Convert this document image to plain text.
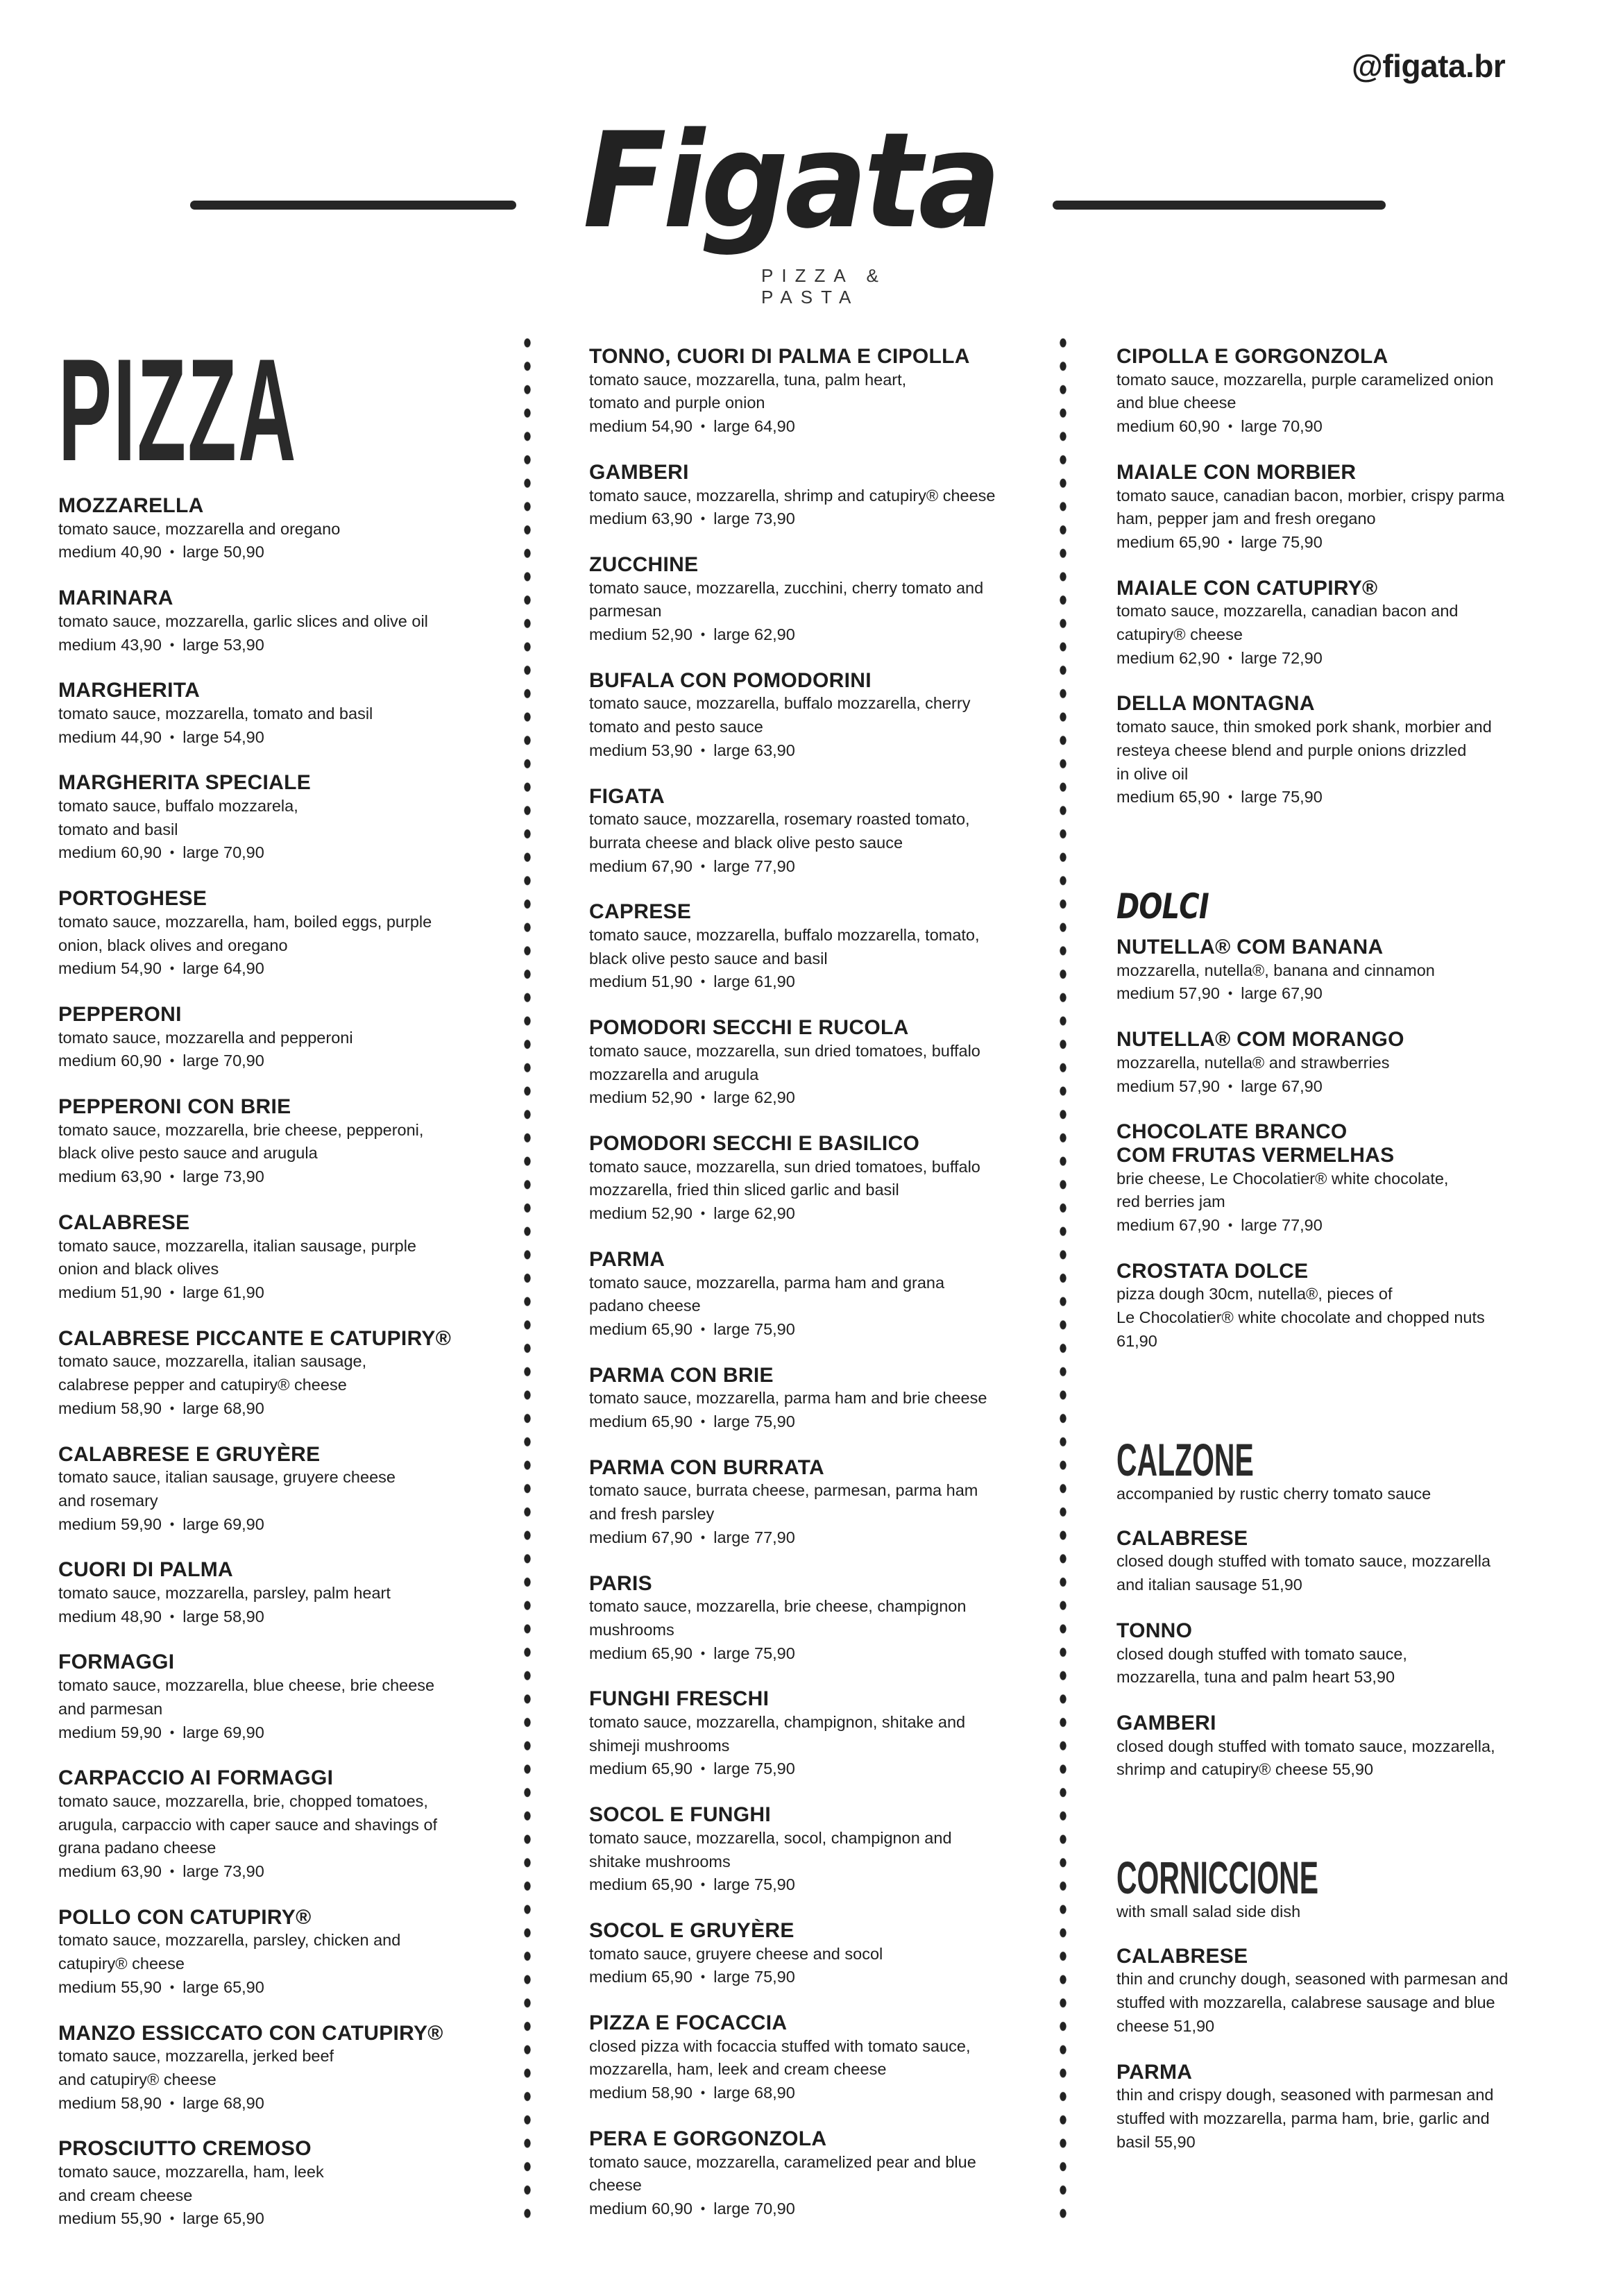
@figata.br
Figata
PIZZA & PASTA
PIZZA
MOZZARELLA
tomato sauce, mozzarella and oregano
medium 40,90 • large 50,90
MARINARA
tomato sauce, mozzarella, garlic slices and olive oil
medium 43,90 • large 53,90
MARGHERITA
tomato sauce, mozzarella, tomato and basil
medium 44,90 • large 54,90
MARGHERITA SPECIALE
tomato sauce, buffalo mozzarela,
tomato and basil
medium 60,90 • large 70,90
PORTOGHESE
tomato sauce, mozzarella, ham, boiled eggs, purple
onion, black olives and oregano
medium 54,90 • large 64,90
PEPPERONI
tomato sauce, mozzarella and pepperoni
medium 60,90 • large 70,90
PEPPERONI CON BRIE
tomato sauce, mozzarella, brie cheese, pepperoni,
black olive pesto sauce and arugula
medium 63,90 • large 73,90
CALABRESE
tomato sauce, mozzarella, italian sausage, purple
onion and black olives
medium 51,90 • large 61,90
CALABRESE PICCANTE E CATUPIRY®
tomato sauce, mozzarella, italian sausage,
calabrese pepper and catupiry® cheese
medium 58,90 • large 68,90
CALABRESE E GRUYÈRE
tomato sauce, italian sausage, gruyere cheese
and rosemary
medium 59,90 • large 69,90
CUORI DI PALMA
tomato sauce, mozzarella, parsley, palm heart
medium 48,90 • large 58,90
FORMAGGI
tomato sauce, mozzarella, blue cheese, brie cheese
and parmesan
medium 59,90 • large 69,90
CARPACCIO AI FORMAGGI
tomato sauce, mozzarella, brie, chopped tomatoes,
arugula, carpaccio with caper sauce and shavings of
grana padano cheese
medium 63,90 • large 73,90
POLLO CON CATUPIRY®
tomato sauce, mozzarella, parsley, chicken and
catupiry® cheese
medium 55,90 • large 65,90
MANZO ESSICCATO CON CATUPIRY®
tomato sauce, mozzarella, jerked beef
and catupiry® cheese
medium 58,90 • large 68,90
PROSCIUTTO CREMOSO
tomato sauce, mozzarella, ham, leek
and cream cheese
medium 55,90 • large 65,90
TONNO, CUORI DI PALMA E CIPOLLA
tomato sauce, mozzarella, tuna, palm heart,
tomato and purple onion
medium 54,90 • large 64,90
GAMBERI
tomato sauce, mozzarella, shrimp and catupiry® cheese
medium 63,90 • large 73,90
ZUCCHINE
tomato sauce, mozzarella, zucchini, cherry tomato and
parmesan
medium 52,90 • large 62,90
BUFALA CON POMODORINI
tomato sauce, mozzarella, buffalo mozzarella, cherry
tomato and pesto sauce
medium 53,90 • large 63,90
FIGATA
tomato sauce, mozzarella, rosemary roasted tomato,
burrata cheese and black olive pesto sauce
medium 67,90 • large 77,90
CAPRESE
tomato sauce, mozzarella, buffalo mozzarella, tomato,
black olive pesto sauce and basil
medium 51,90 • large 61,90
POMODORI SECCHI E RUCOLA
tomato sauce, mozzarella, sun dried tomatoes, buffalo
mozzarella and arugula
medium 52,90 • large 62,90
POMODORI SECCHI E BASILICO
tomato sauce, mozzarella, sun dried tomatoes, buffalo
mozzarella, fried thin sliced garlic and basil
medium 52,90 • large 62,90
PARMA
tomato sauce, mozzarella, parma ham and grana
padano cheese
medium 65,90 • large 75,90
PARMA CON BRIE
tomato sauce, mozzarella, parma ham and brie cheese
medium 65,90 • large 75,90
PARMA CON BURRATA
tomato sauce, burrata cheese, parmesan, parma ham
and fresh parsley
medium 67,90 • large 77,90
PARIS
tomato sauce, mozzarella, brie cheese, champignon
mushrooms
medium 65,90 • large 75,90
FUNGHI FRESCHI
tomato sauce, mozzarella, champignon, shitake and
shimeji mushrooms
medium 65,90 • large 75,90
SOCOL E FUNGHI
tomato sauce, mozzarella, socol, champignon and
shitake mushrooms
medium 65,90 • large 75,90
SOCOL E GRUYÈRE
tomato sauce, gruyere cheese and socol
medium 65,90 • large 75,90
PIZZA E FOCACCIA
closed pizza with focaccia stuffed with tomato sauce,
mozzarella, ham, leek and cream cheese
medium 58,90 • large 68,90
PERA E GORGONZOLA
tomato sauce, mozzarella, caramelized pear and blue
cheese
medium 60,90 • large 70,90
CIPOLLA E GORGONZOLA
tomato sauce, mozzarella, purple caramelized onion
and blue cheese
medium 60,90 • large 70,90
MAIALE CON MORBIER
tomato sauce, canadian bacon, morbier, crispy parma
ham, pepper jam and fresh oregano
medium 65,90 • large 75,90
MAIALE CON CATUPIRY®
tomato sauce, mozzarella, canadian bacon and
catupiry® cheese
medium 62,90 • large 72,90
DELLA MONTAGNA
tomato sauce, thin smoked pork shank, morbier and
resteya cheese blend and purple onions drizzled
in olive oil
medium 65,90 • large 75,90
DOLCI
NUTELLA® COM BANANA
mozzarella, nutella®, banana and cinnamon
medium 57,90 • large 67,90
NUTELLA® COM MORANGO
mozzarella, nutella® and strawberries
medium 57,90 • large 67,90
CHOCOLATE BRANCO
COM FRUTAS VERMELHAS
brie cheese, Le Chocolatier® white chocolate,
red berries jam
medium 67,90 • large 77,90
CROSTATA DOLCE
pizza dough 30cm, nutella®, pieces of
Le Chocolatier® white chocolate and chopped nuts
61,90
CALZONE
accompanied by rustic cherry tomato sauce
CALABRESE
closed dough stuffed with tomato sauce, mozzarella
and italian sausage 51,90
TONNO
closed dough stuffed with tomato sauce,
mozzarella, tuna and palm heart 53,90
GAMBERI
closed dough stuffed with tomato sauce, mozzarella,
shrimp and catupiry® cheese 55,90
CORNICCIONE
with small salad side dish
CALABRESE
thin and crunchy dough, seasoned with parmesan and
stuffed with mozzarella, calabrese sausage and blue
cheese 51,90
PARMA
thin and crispy dough, seasoned with parmesan and
stuffed with mozzarella, parma ham, brie, garlic and
basil 55,90
